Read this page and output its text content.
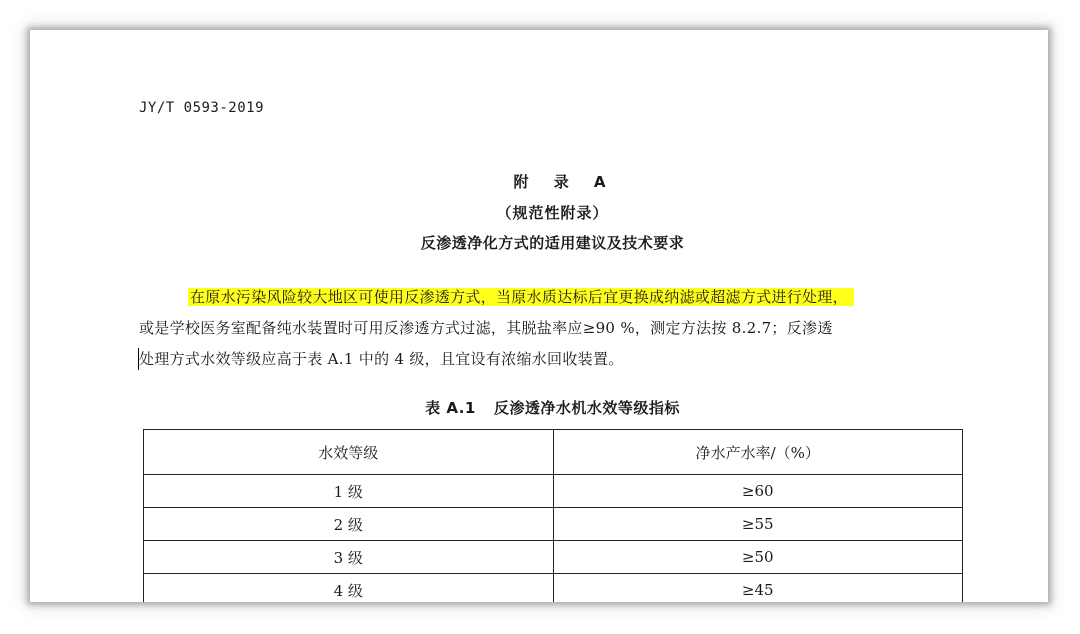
JY/T 0593-2019
附 录 A
（规范性附录）
反渗透净化方式的适用建议及技术要求
在原水污染风险较大地区可使用反渗透方式，当原水质达标后宜更换成纳滤或超滤方式进行处理，
或是学校医务室配备纯水装置时可用反渗透方式过滤，其脱盐率应≥90 %，测定方法按 8.2.7；反渗透
处理方式水效等级应高于表 A.1 中的 4 级，且宜设有浓缩水回收装置。
表 A.1 反渗透净水机水效等级指标
水效等级	净水产水率/（%）
1 级	≥60
2 级	≥55
3 级	≥50
4 级	≥45
